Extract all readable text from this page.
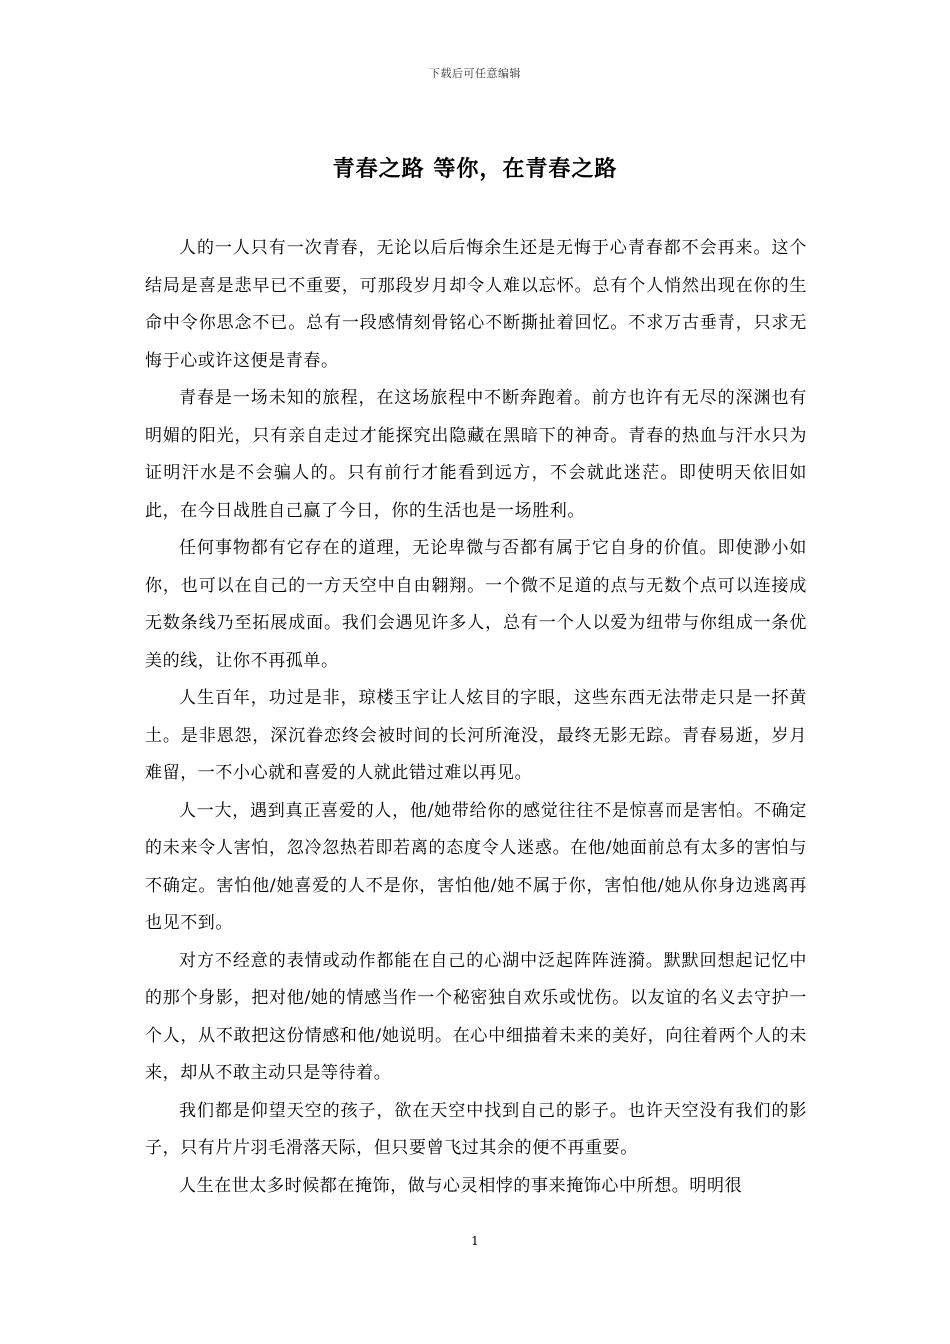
下载后可任意编辑
青春之路 等你，在青春之路

人的一人只有一次青春，无论以后后悔余生还是无悔于心青春都不会再来。这个结局是喜是悲早已不重要，可那段岁月却令人难以忘怀。总有个人悄然出现在你的生命中令你思念不已。总有一段感情刻骨铭心不断撕扯着回忆。不求万古垂青，只求无悔于心或许这便是青春。

青春是一场未知的旅程，在这场旅程中不断奔跑着。前方也许有无尽的深渊也有明媚的阳光，只有亲自走过才能探究出隐藏在黑暗下的神奇。青春的热血与汗水只为证明汗水是不会骗人的。只有前行才能看到远方，不会就此迷茫。即使明天依旧如此，在今日战胜自己赢了今日，你的生活也是一场胜利。

任何事物都有它存在的道理，无论卑微与否都有属于它自身的价值。即使渺小如你，也可以在自己的一方天空中自由翱翔。一个微不足道的点与无数个点可以连接成无数条线乃至拓展成面。我们会遇见许多人，总有一个人以爱为纽带与你组成一条优美的线，让你不再孤单。

人生百年，功过是非，琼楼玉宇让人炫目的字眼，这些东西无法带走只是一抔黄土。是非恩怨，深沉眷恋终会被时间的长河所淹没，最终无影无踪。青春易逝，岁月难留，一不小心就和喜爱的人就此错过难以再见。

人一大，遇到真正喜爱的人，他/她带给你的感觉往往不是惊喜而是害怕。不确定的未来令人害怕，忽冷忽热若即若离的态度令人迷惑。在他/她面前总有太多的害怕与不确定。害怕他/她喜爱的人不是你，害怕他/她不属于你，害怕他/她从你身边逃离再也见不到。

对方不经意的表情或动作都能在自己的心湖中泛起阵阵涟漪。默默回想起记忆中的那个身影，把对他/她的情感当作一个秘密独自欢乐或忧伤。以友谊的名义去守护一个人，从不敢把这份情感和他/她说明。在心中细描着未来的美好，向往着两个人的未来，却从不敢主动只是等待着。

我们都是仰望天空的孩子，欲在天空中找到自己的影子。也许天空没有我们的影子，只有片片羽毛滑落天际，但只要曾飞过其余的便不再重要。

人生在世太多时候都在掩饰，做与心灵相悖的事来掩饰心中所想。明明很

1
